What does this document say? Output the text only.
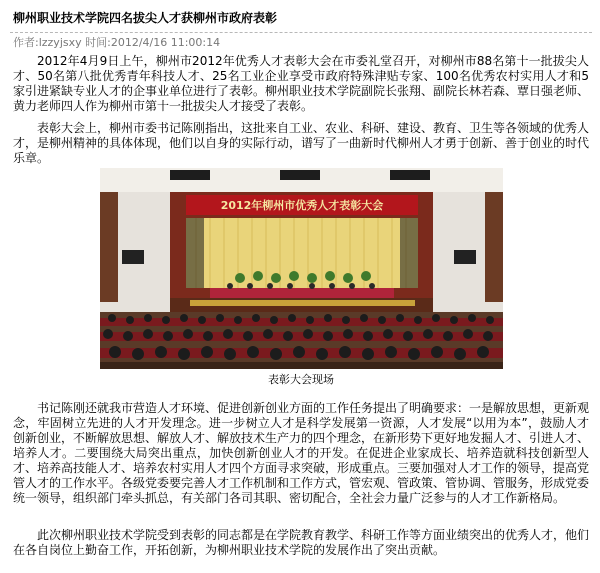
柳州职业技术学院四名拔尖人才获柳州市政府表彰
作者:lzzyjsxy 时间:2012/4/16 11:00:14

2012年4月9日上午，柳州市2012年优秀人才表彰大会在市委礼堂召开，对柳州市88名第十一批拔尖人才、50名第八批优秀青年科技人才、25名工业企业享受市政府特殊津贴专家、100名优秀农村实用人才和5家引进紧缺专业人才的企事业单位进行了表彰。柳州职业技术学院副院长张翔、副院长林若森、覃日强老师、黄力老师四人作为柳州市第十一批拔尖人才接受了表彰。

表彰大会上，柳州市委书记陈刚指出，这批来自工业、农业、科研、建设、教育、卫生等各领域的优秀人才，是柳州精神的具体体现，他们以自身的实际行动，谱写了一曲新时代柳州人才勇于创新、善于创业的时代乐章。

2012年柳州市优秀人才表彰大会
表彰大会现场

书记陈刚还就我市营造人才环境、促进创新创业方面的工作任务提出了明确要求：一是解放思想，更新观念，牢固树立先进的人才开发理念。进一步树立人才是科学发展第一资源，人才发展“以用为本”，鼓励人才创新创业，不断解放思想、解放人才、解放技术生产力的四个理念，在新形势下更好地发掘人才、引进人才、培养人才。二要围绕大局突出重点，加快创新创业人才的开发。在促进企业家成长、培养造就科技创新型人才、培养高技能人才、培养农村实用人才四个方面寻求突破，形成重点。三要加强对人才工作的领导，提高党管人才的工作水平。各级党委要完善人才工作机制和工作方式，管宏观、管政策、管协调、管服务，形成党委统一领导，组织部门牵头抓总，有关部门各司其职、密切配合，全社会力量广泛参与的人才工作新格局。

此次柳州职业技术学院受到表彰的同志都是在学院教育教学、科研工作等方面业绩突出的优秀人才，他们在各自岗位上勤奋工作，开拓创新，为柳州职业技术学院的发展作出了突出贡献。
